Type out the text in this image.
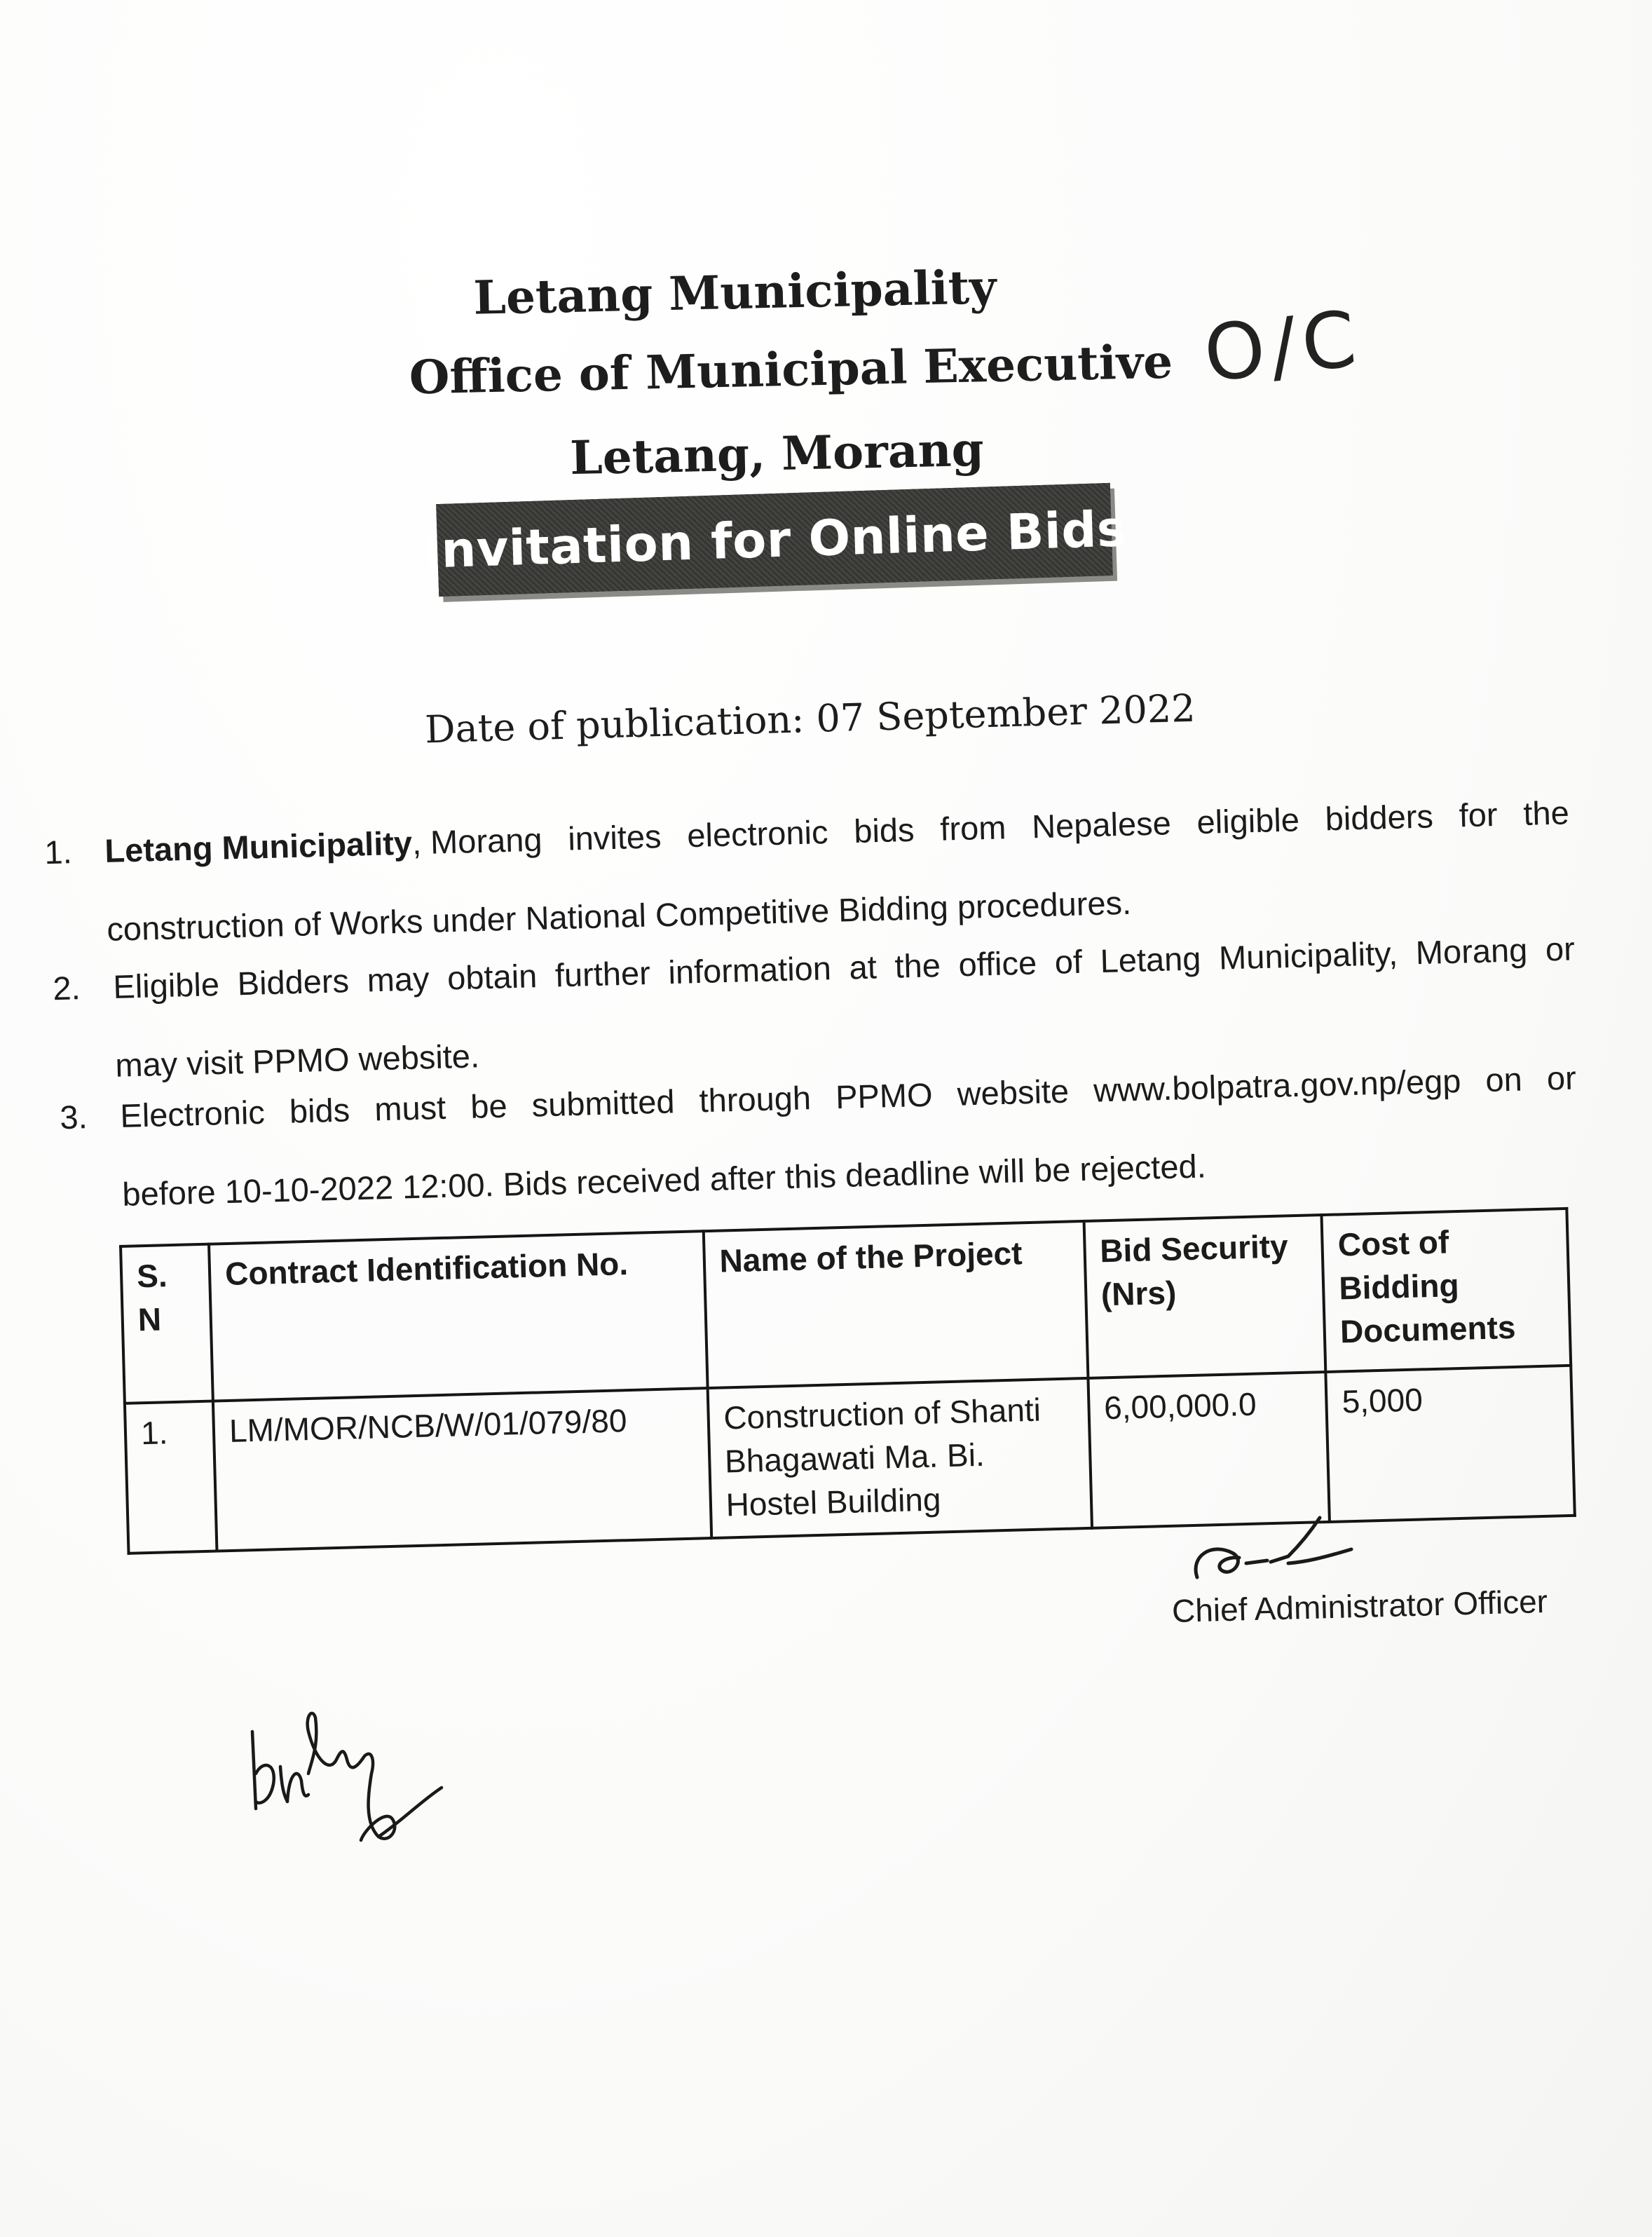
Letang Municipality
Office of Municipal Executive
Letang, Morang
O/C
Invitation for Online Bids
Date of publication: 07 September 2022
1. Letang Municipality, Morang invites electronic bids from Nepalese eligible bidders for the
construction of Works under National Competitive Bidding procedures.
2. Eligible Bidders may obtain further information at the office of Letang Municipality, Morang or
may visit PPMO website.
3. Electronic bids must be submitted through PPMO website www.bolpatra.gov.np/egp on or
before 10-10-2022 12:00. Bids received after this deadline will be rejected.
S. N	Contract Identification No.	Name of the Project	Bid Security (Nrs)	Cost of Bidding Documents
1.	LM/MOR/NCB/W/01/079/80	Construction of Shanti Bhagawati Ma. Bi. Hostel Building	6,00,000.0	5,000
Chief Administrator Officer
